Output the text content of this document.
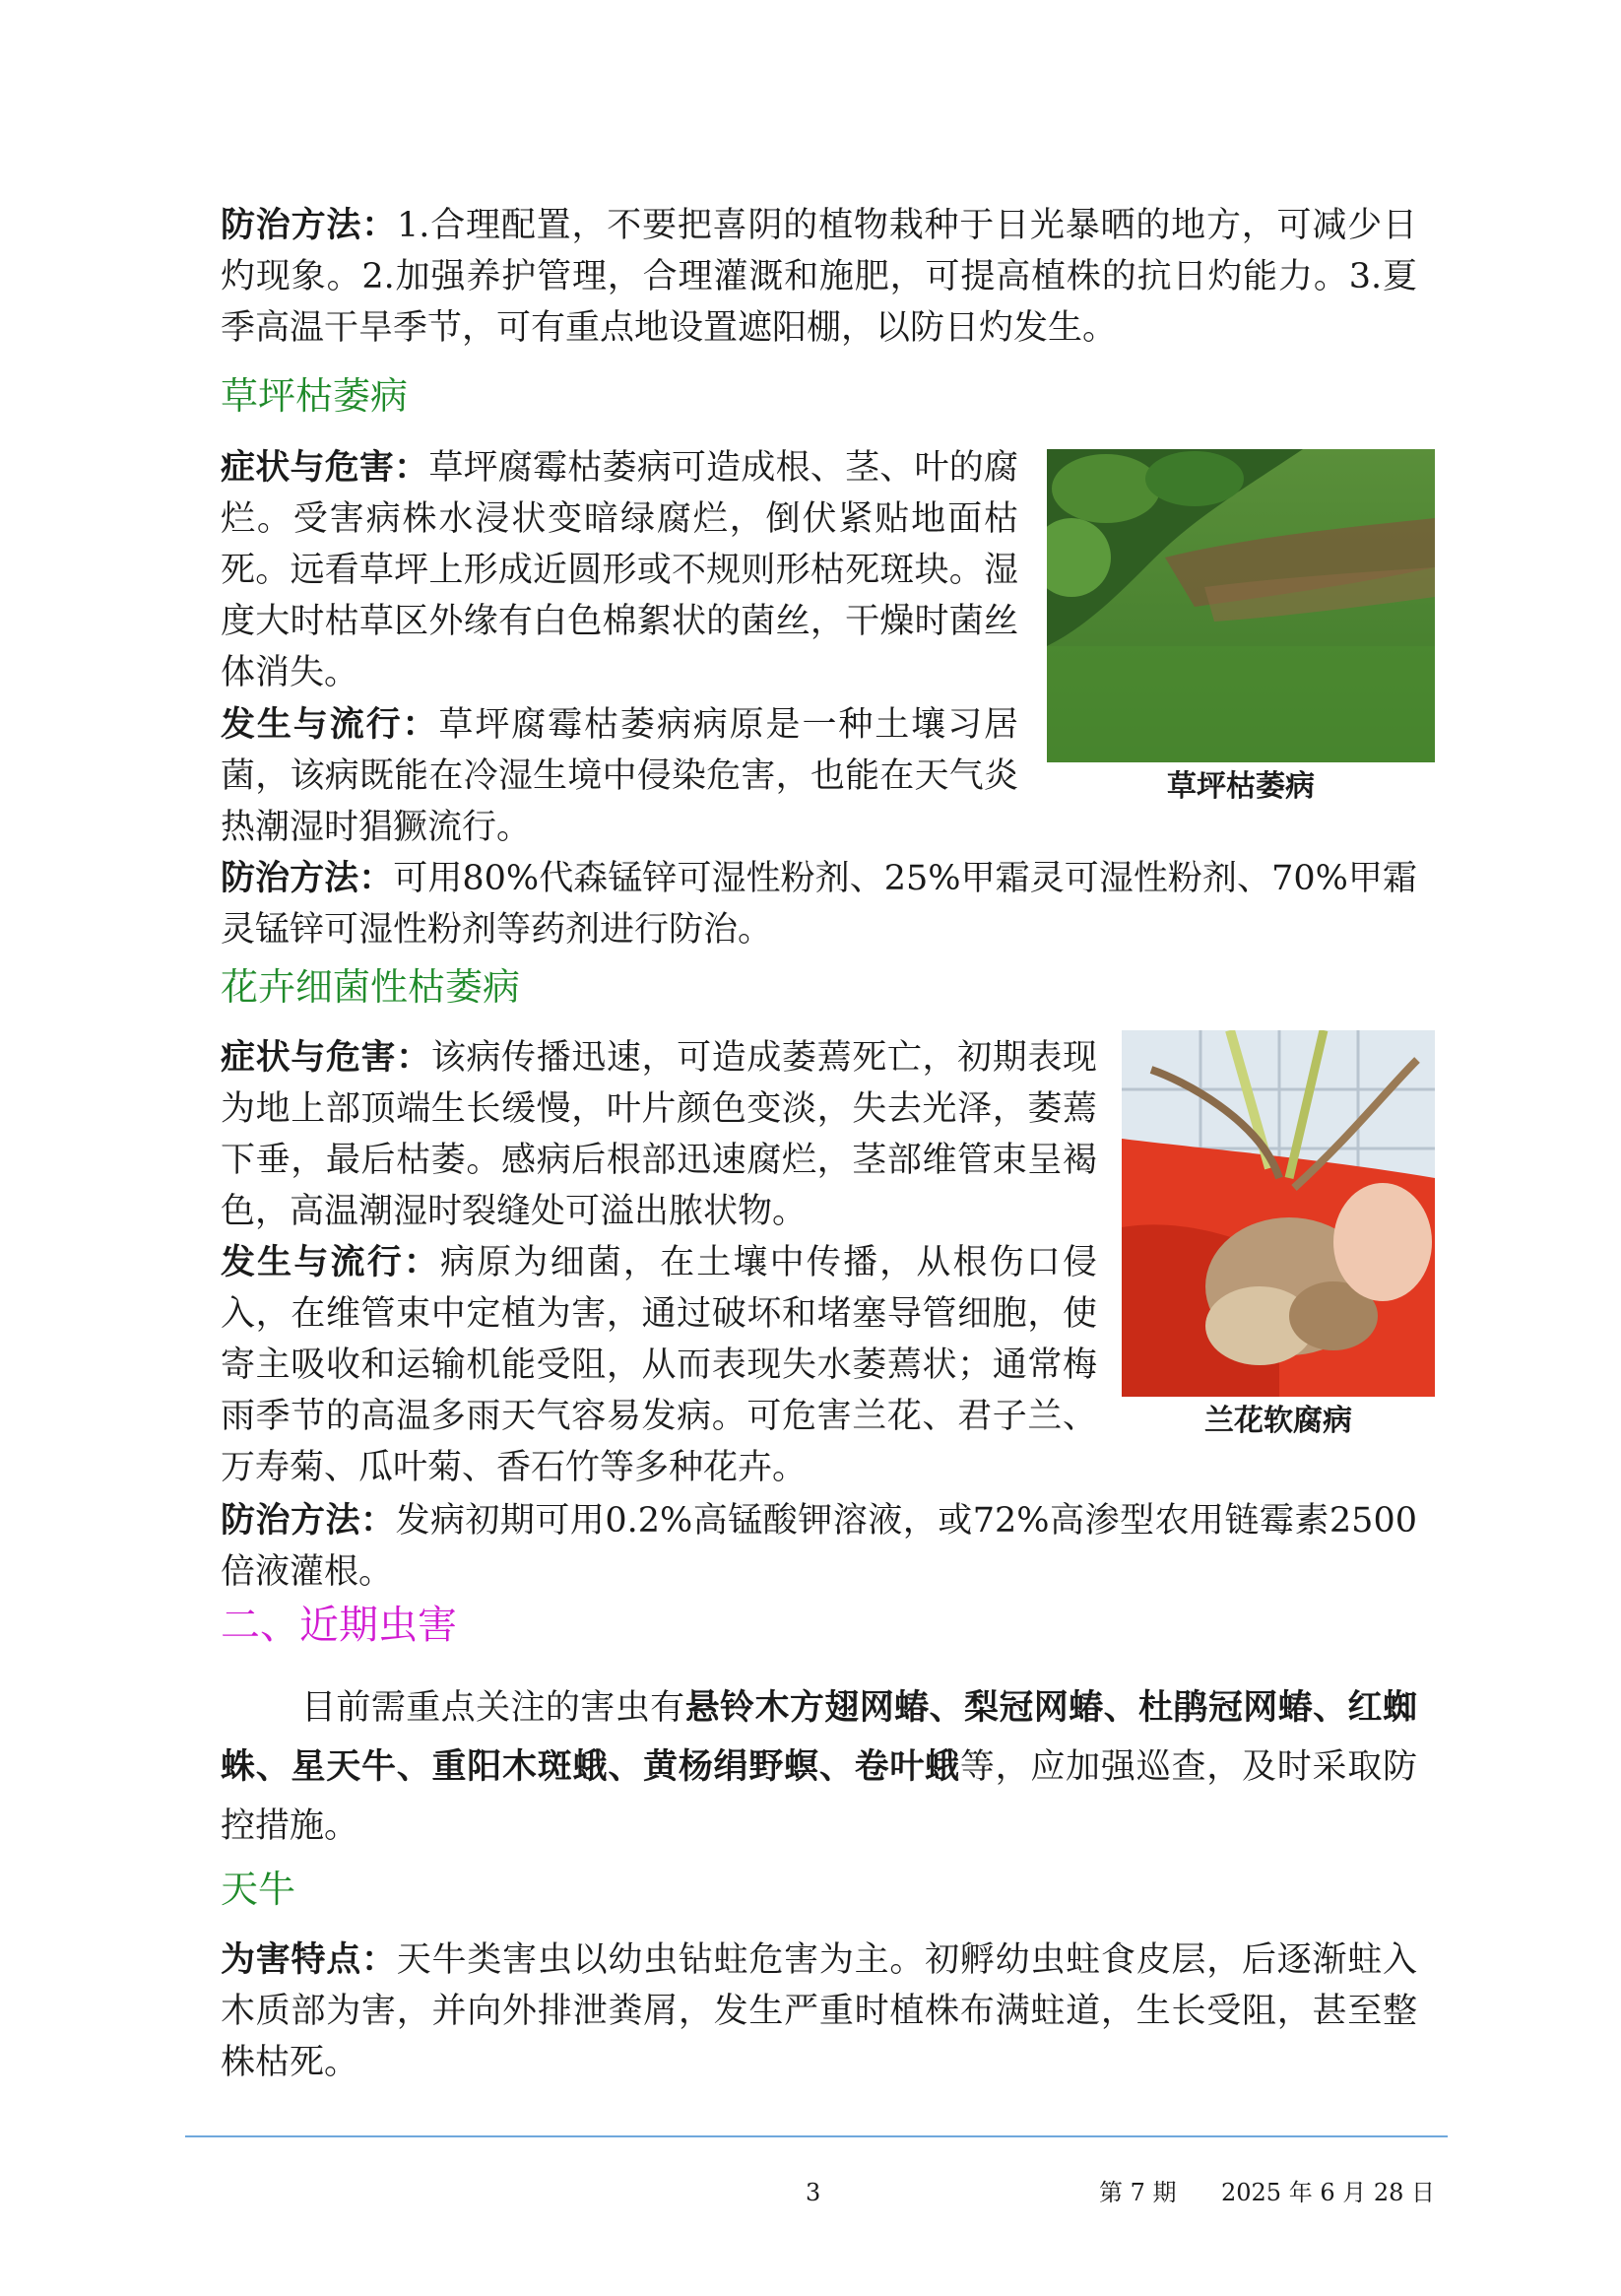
防治方法：1.合理配置，不要把喜阴的植物栽种于日光暴晒的地方，可减少日灼现象。2.加强养护管理，合理灌溉和施肥，可提高植株的抗日灼能力。3.夏季高温干旱季节，可有重点地设置遮阳棚，以防日灼发生。

草坪枯萎病

症状与危害：草坪腐霉枯萎病可造成根、茎、叶的腐烂。受害病株水浸状变暗绿腐烂，倒伏紧贴地面枯死。远看草坪上形成近圆形或不规则形枯死斑块。湿度大时枯草区外缘有白色棉絮状的菌丝，干燥时菌丝体消失。

发生与流行：草坪腐霉枯萎病病原是一种土壤习居菌，该病既能在冷湿生境中侵染危害，也能在天气炎热潮湿时猖獗流行。

草坪枯萎病

防治方法：可用80%代森锰锌可湿性粉剂、25%甲霜灵可湿性粉剂、70%甲霜灵锰锌可湿性粉剂等药剂进行防治。

花卉细菌性枯萎病

症状与危害：该病传播迅速，可造成萎蔫死亡，初期表现为地上部顶端生长缓慢，叶片颜色变淡，失去光泽，萎蔫下垂，最后枯萎。感病后根部迅速腐烂，茎部维管束呈褐色，高温潮湿时裂缝处可溢出脓状物。

发生与流行：病原为细菌，在土壤中传播，从根伤口侵入，在维管束中定植为害，通过破坏和堵塞导管细胞，使寄主吸收和运输机能受阻，从而表现失水萎蔫状；通常梅雨季节的高温多雨天气容易发病。可危害兰花、君子兰、万寿菊、瓜叶菊、香石竹等多种花卉。

兰花软腐病

防治方法：发病初期可用0.2%高锰酸钾溶液，或72%高渗型农用链霉素2500倍液灌根。

二、近期虫害

目前需重点关注的害虫有悬铃木方翅网蝽、梨冠网蝽、杜鹃冠网蝽、红蜘蛛、星天牛、重阳木斑蛾、黄杨绢野螟、卷叶蛾等，应加强巡查，及时采取防控措施。

天牛

为害特点：天牛类害虫以幼虫钻蛀危害为主。初孵幼虫蛀食皮层，后逐渐蛀入木质部为害，并向外排泄粪屑，发生严重时植株布满蛀道，生长受阻，甚至整株枯死。

3	第 7 期 2025 年 6 月 28 日
